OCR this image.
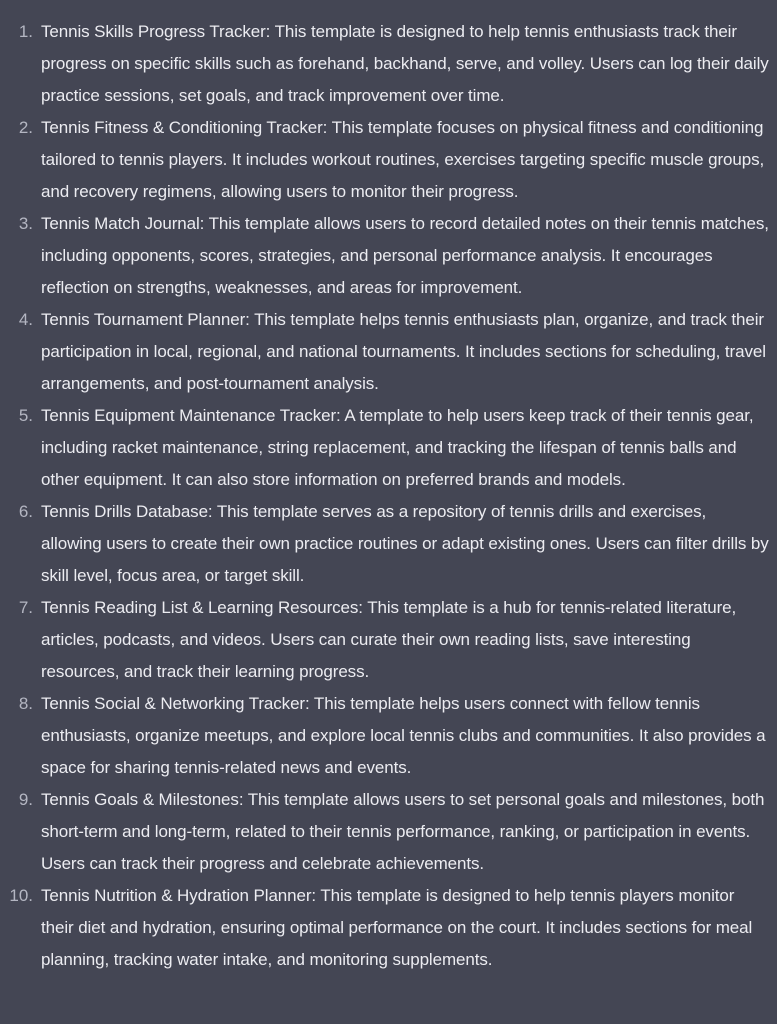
1. Tennis Skills Progress Tracker: This template is designed to help tennis enthusiasts track their progress on specific skills such as forehand, backhand, serve, and volley. Users can log their daily practice sessions, set goals, and track improvement over time.
2. Tennis Fitness & Conditioning Tracker: This template focuses on physical fitness and conditioning tailored to tennis players. It includes workout routines, exercises targeting specific muscle groups, and recovery regimens, allowing users to monitor their progress.
3. Tennis Match Journal: This template allows users to record detailed notes on their tennis matches, including opponents, scores, strategies, and personal performance analysis. It encourages reflection on strengths, weaknesses, and areas for improvement.
4. Tennis Tournament Planner: This template helps tennis enthusiasts plan, organize, and track their participation in local, regional, and national tournaments. It includes sections for scheduling, travel arrangements, and post-tournament analysis.
5. Tennis Equipment Maintenance Tracker: A template to help users keep track of their tennis gear, including racket maintenance, string replacement, and tracking the lifespan of tennis balls and other equipment. It can also store information on preferred brands and models.
6. Tennis Drills Database: This template serves as a repository of tennis drills and exercises, allowing users to create their own practice routines or adapt existing ones. Users can filter drills by skill level, focus area, or target skill.
7. Tennis Reading List & Learning Resources: This template is a hub for tennis-related literature, articles, podcasts, and videos. Users can curate their own reading lists, save interesting resources, and track their learning progress.
8. Tennis Social & Networking Tracker: This template helps users connect with fellow tennis enthusiasts, organize meetups, and explore local tennis clubs and communities. It also provides a space for sharing tennis-related news and events.
9. Tennis Goals & Milestones: This template allows users to set personal goals and milestones, both short-term and long-term, related to their tennis performance, ranking, or participation in events. Users can track their progress and celebrate achievements.
10. Tennis Nutrition & Hydration Planner: This template is designed to help tennis players monitor their diet and hydration, ensuring optimal performance on the court. It includes sections for meal planning, tracking water intake, and monitoring supplements.
